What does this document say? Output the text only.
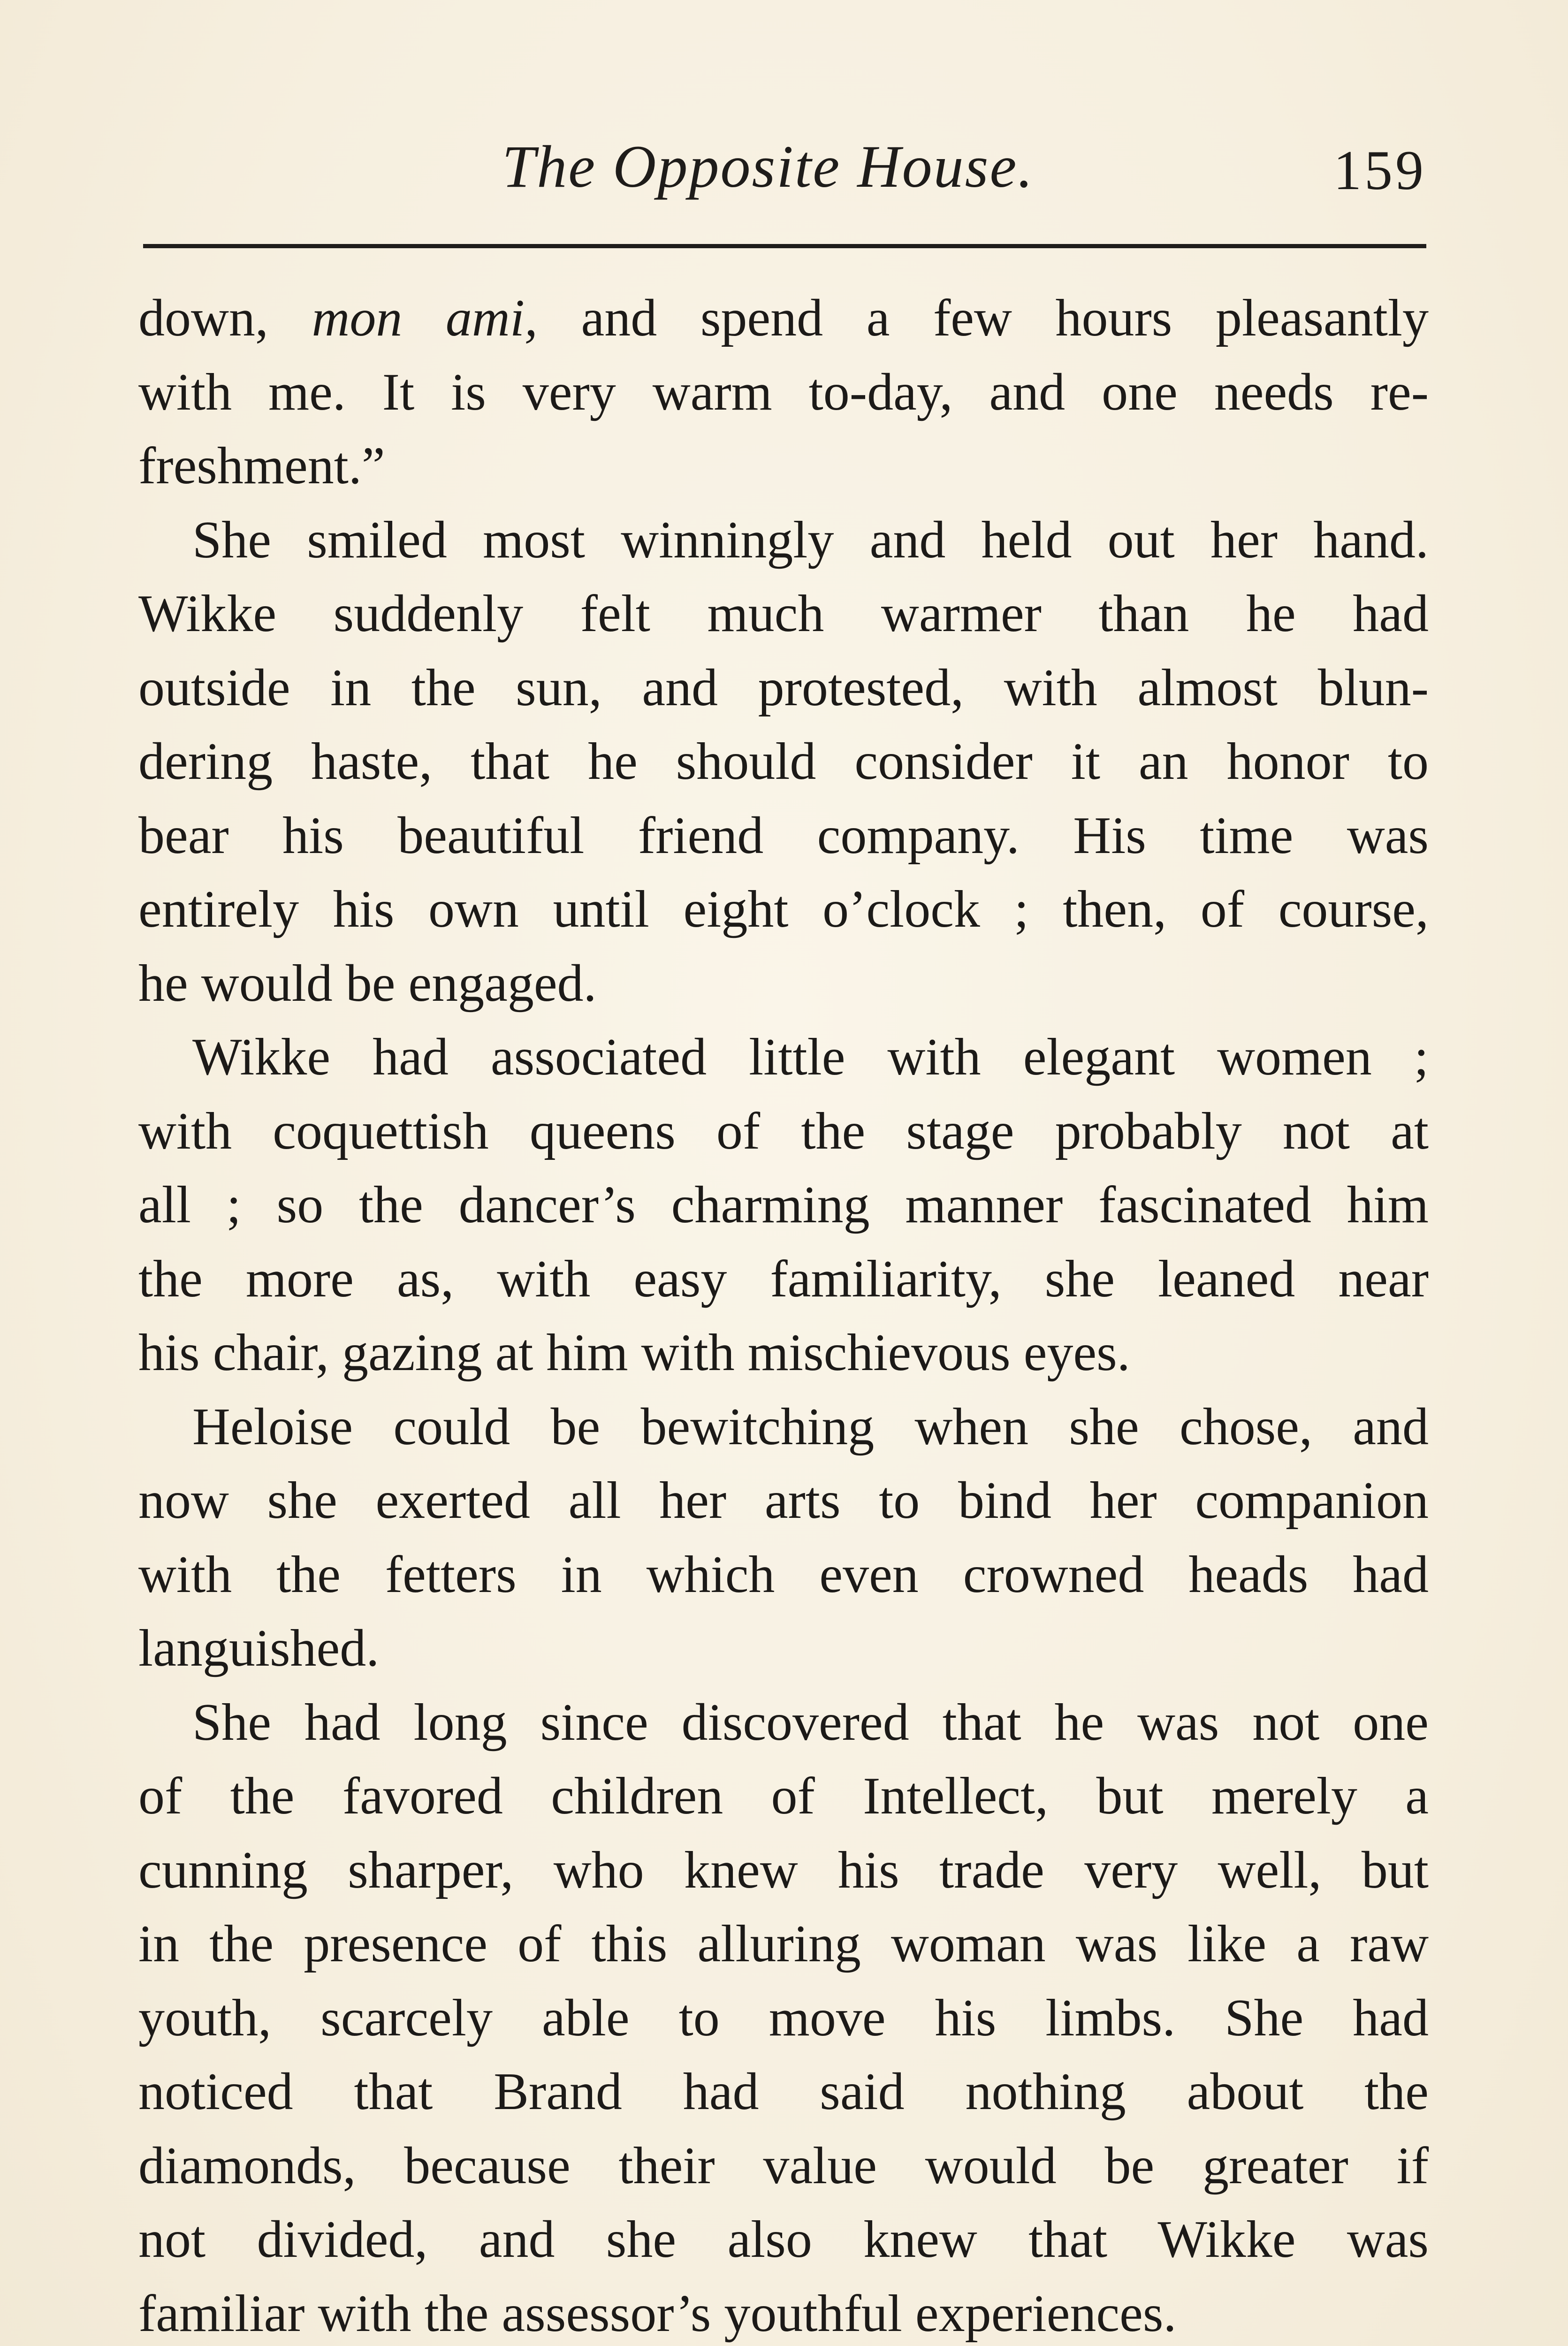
The Opposite House.	159
down, mon ami, and spend a few hours pleasantly
with me. It is very warm to-day, and one needs re-
freshment.”
She smiled most winningly and held out her hand.
Wikke suddenly felt much warmer than he had
outside in the sun, and protested, with almost blun-
dering haste, that he should consider it an honor to
bear his beautiful friend company. His time was
entirely his own until eight o’clock ; then, of course,
he would be engaged.
Wikke had associated little with elegant women ;
with coquettish queens of the stage probably not at
all ; so the dancer’s charming manner fascinated him
the more as, with easy familiarity, she leaned near
his chair, gazing at him with mischievous eyes.
Heloise could be bewitching when she chose, and
now she exerted all her arts to bind her companion
with the fetters in which even crowned heads had
languished.
She had long since discovered that he was not one
of the favored children of Intellect, but merely a
cunning sharper, who knew his trade very well, but
in the presence of this alluring woman was like a raw
youth, scarcely able to move his limbs. She had
noticed that Brand had said nothing about the
diamonds, because their value would be greater if
not divided, and she also knew that Wikke was
familiar with the assessor’s youthful experiences.
